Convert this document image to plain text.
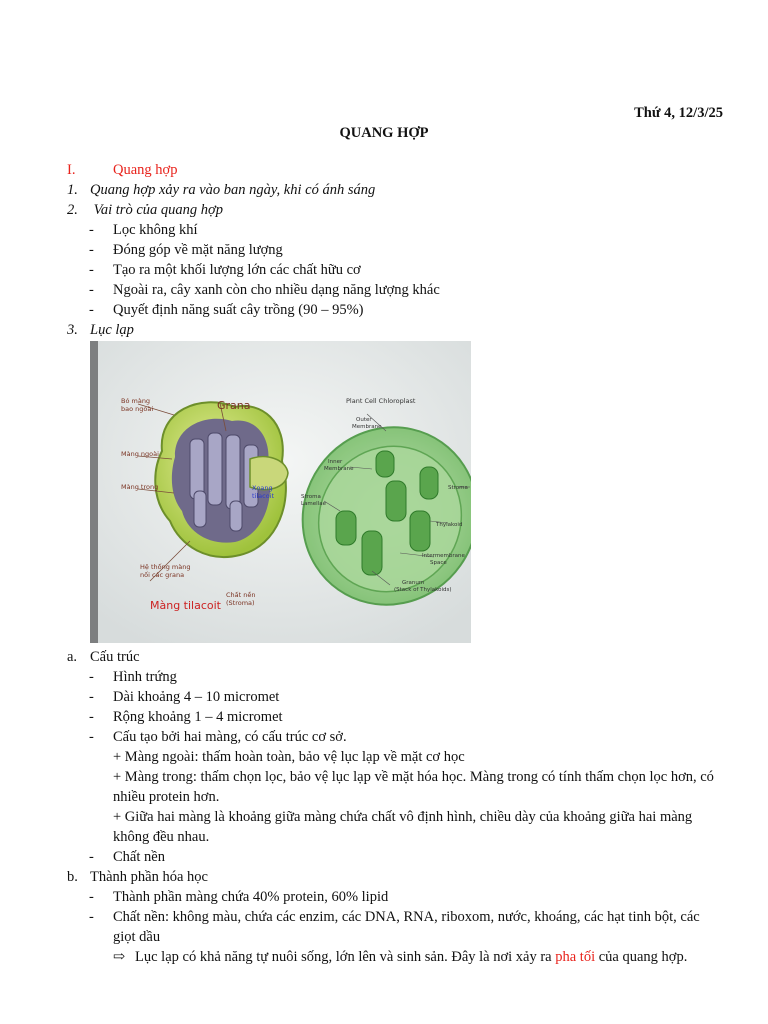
Thứ 4, 12/3/25
QUANG HỢP
I.	Quang hợp
1. Quang hợp xảy ra vào ban ngày, khi có ánh sáng
2. Vai trò của quang hợp
-	Lọc không khí
-	Đóng góp về mặt năng lượng
-	Tạo ra một khối lượng lớn các chất hữu cơ
-	Ngoài ra, cây xanh còn cho nhiều dạng năng lượng khác
-	Quyết định năng suất cây trồng (90 – 95%)
3. Lục lạp
Bó màng
bao ngoài
Màng ngoài
Màng trong
Hệ thống màng
nối các grana
Màng tilacoit
Chất nền
(Stroma)
Grana
Xoang
tilacoit
Plant Cell Chloroplast
Outer
Membrane
Inner
Membrane
Stroma
Lamellae
Stroma
Thylakoid
Intermembrane
Space
Granum
(Stack of Thylakoids)
a. Cấu trúc
-	Hình trứng
-	Dài khoảng 4 – 10 micromet
-	Rộng khoảng 1 – 4 micromet
-	Cấu tạo bởi hai màng, có cấu trúc cơ sở.
+ Màng ngoài: thấm hoàn toàn, bảo vệ lục lạp về mặt cơ học
+ Màng trong: thấm chọn lọc, bảo vệ lục lạp về mặt hóa học. Màng trong có tính thấm chọn lọc hơn, có nhiều protein hơn.
+ Giữa hai màng là khoảng giữa màng chứa chất vô định hình, chiều dày của khoảng giữa hai màng không đều nhau.
-	Chất nền
b. Thành phần hóa học
-	Thành phần màng chứa 40% protein, 60% lipid
-	Chất nền: không màu, chứa các enzim, các DNA, RNA, riboxom, nước, khoáng, các hạt tinh bột, các giọt dầu
⇨ Lục lạp có khả năng tự nuôi sống, lớn lên và sinh sản. Đây là nơi xảy ra pha tối của quang hợp.
